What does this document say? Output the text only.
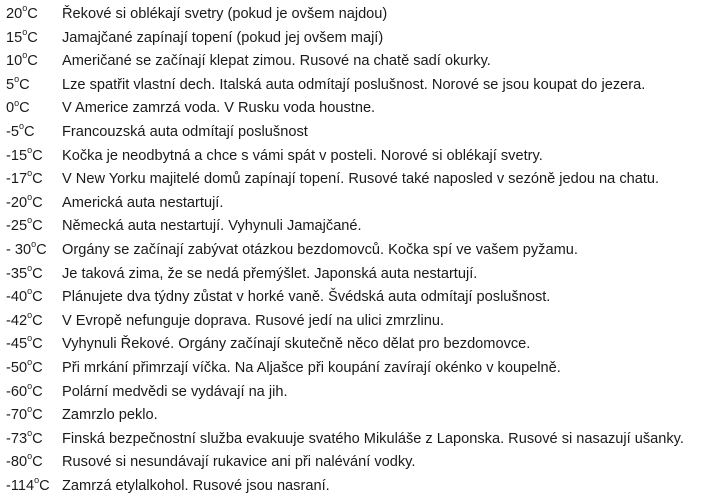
20$^o$C	Řekové si oblékají svetry (pokud je ovšem najdou)
15$^o$C	Jamajčané zapínají topení (pokud jej ovšem mají)
10$^o$C	Američané se začínají klepat zimou. Rusové na chatě sadí okurky.
5$^o$C	Lze spatřit vlastní dech. Italská auta odmítají poslušnost. Norové se jsou koupat do jezera.
0$^o$C	V Americe zamrzá voda. V Rusku voda houstne.
-5$^o$C	Francouzská auta odmítají poslušnost
-15$^o$C	Kočka je neodbytná a chce s vámi spát v posteli. Norové si oblékají svetry.
-17$^o$C	V New Yorku majitelé domů zapínají topení. Rusové také naposled v sezóně jedou na chatu.
-20$^o$C	Americká auta nestartují.
-25$^o$C	Německá auta nestartují. Vyhynuli Jamajčané.
- 30$^o$C	Orgány se začínají zabývat otázkou bezdomovců. Kočka spí ve vašem pyžamu.
-35$^o$C	Je taková zima, že se nedá přemýšlet. Japonská auta nestartují.
-40$^o$C	Plánujete dva týdny zůstat v horké vaně. Švédská auta odmítají poslušnost.
-42$^o$C	V Evropě nefunguje doprava. Rusové jedí na ulici zmrzlinu.
-45$^o$C	Vyhynuli Řekové. Orgány začínají skutečně něco dělat pro bezdomovce.
-50$^o$C	Při mrkání přimrzají víčka. Na Aljašce při koupání zavírají okénko v koupelně.
-60$^o$C	Polární medvědi se vydávají na jih.
-70$^o$C	Zamrzlo peklo.
-73$^o$C	Finská bezpečnostní služba evakuuje svatého Mikuláše z Laponska. Rusové si nasazují ušanky.
-80$^o$C	Rusové si nesundávají rukavice ani při nalévání vodky.
-114$^o$C Zamrzá etylalkohol. Rusové jsou nasraní.
